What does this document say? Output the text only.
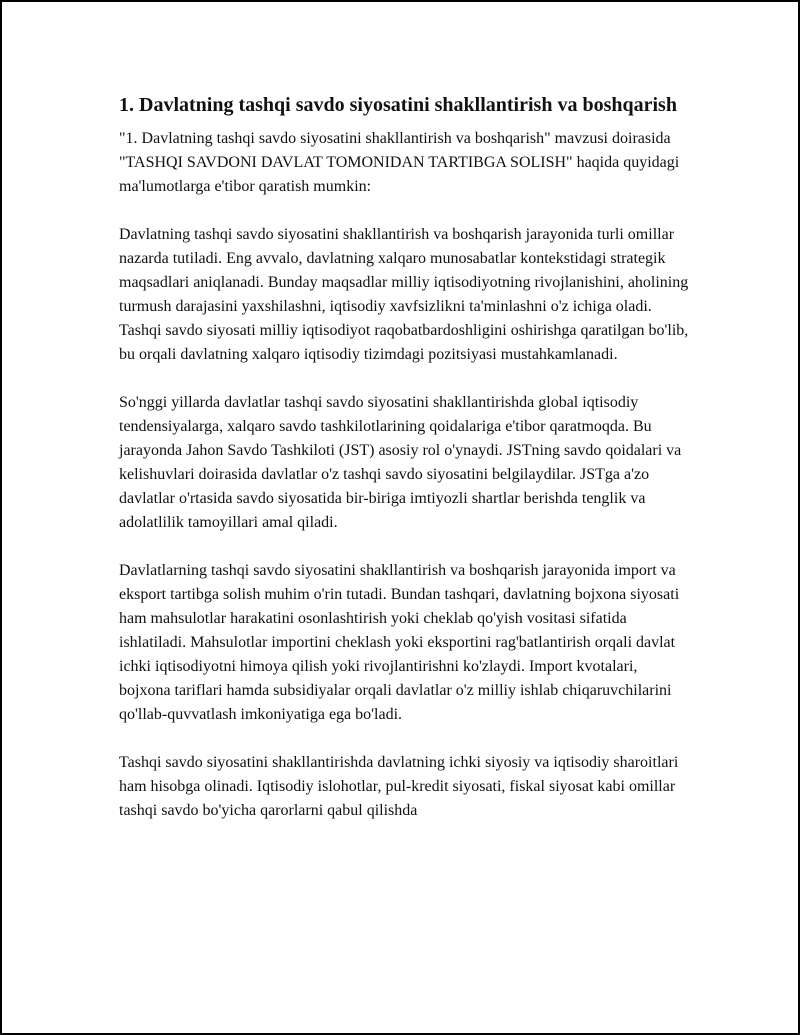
1. Davlatning tashqi savdo siyosatini shakllantirish va boshqarish

"1. Davlatning tashqi savdo siyosatini shakllantirish va boshqarish" mavzusi doirasida "TASHQI SAVDONI DAVLAT TOMONIDAN TARTIBGA SOLISH" haqida quyidagi ma'lumotlarga e'tibor qaratish mumkin:

Davlatning tashqi savdo siyosatini shakllantirish va boshqarish jarayonida turli omillar nazarda tutiladi. Eng avvalo, davlatning xalqaro munosabatlar kontekstidagi strategik maqsadlari aniqlanadi. Bunday maqsadlar milliy iqtisodiyotning rivojlanishini, aholining turmush darajasini yaxshilashni, iqtisodiy xavfsizlikni ta'minlashni o'z ichiga oladi. Tashqi savdo siyosati milliy iqtisodiyot raqobatbardoshligini oshirishga qaratilgan bo'lib, bu orqali davlatning xalqaro iqtisodiy tizimdagi pozitsiyasi mustahkamlanadi.

So'nggi yillarda davlatlar tashqi savdo siyosatini shakllantirishda global iqtisodiy tendensiyalarga, xalqaro savdo tashkilotlarining qoidalariga e'tibor qaratmoqda. Bu jarayonda Jahon Savdo Tashkiloti (JST) asosiy rol o'ynaydi. JSTning savdo qoidalari va kelishuvlari doirasida davlatlar o'z tashqi savdo siyosatini belgilaydilar. JSTga a'zo davlatlar o'rtasida savdo siyosatida bir-biriga imtiyozli shartlar berishda tenglik va adolatlilik tamoyillari amal qiladi.

Davlatlarning tashqi savdo siyosatini shakllantirish va boshqarish jarayonida import va eksport tartibga solish muhim o'rin tutadi. Bundan tashqari, davlatning bojxona siyosati ham mahsulotlar harakatini osonlashtirish yoki cheklab qo'yish vositasi sifatida ishlatiladi. Mahsulotlar importini cheklash yoki eksportini rag'batlantirish orqali davlat ichki iqtisodiyotni himoya qilish yoki rivojlantirishni ko'zlaydi. Import kvotalari, bojxona tariflari hamda subsidiyalar orqali davlatlar o'z milliy ishlab chiqaruvchilarini qo'llab-quvvatlash imkoniyatiga ega bo'ladi.

Tashqi savdo siyosatini shakllantirishda davlatning ichki siyosiy va iqtisodiy sharoitlari ham hisobga olinadi. Iqtisodiy islohotlar, pul-kredit siyosati, fiskal siyosat kabi omillar tashqi savdo bo'yicha qarorlarni qabul qilishda
